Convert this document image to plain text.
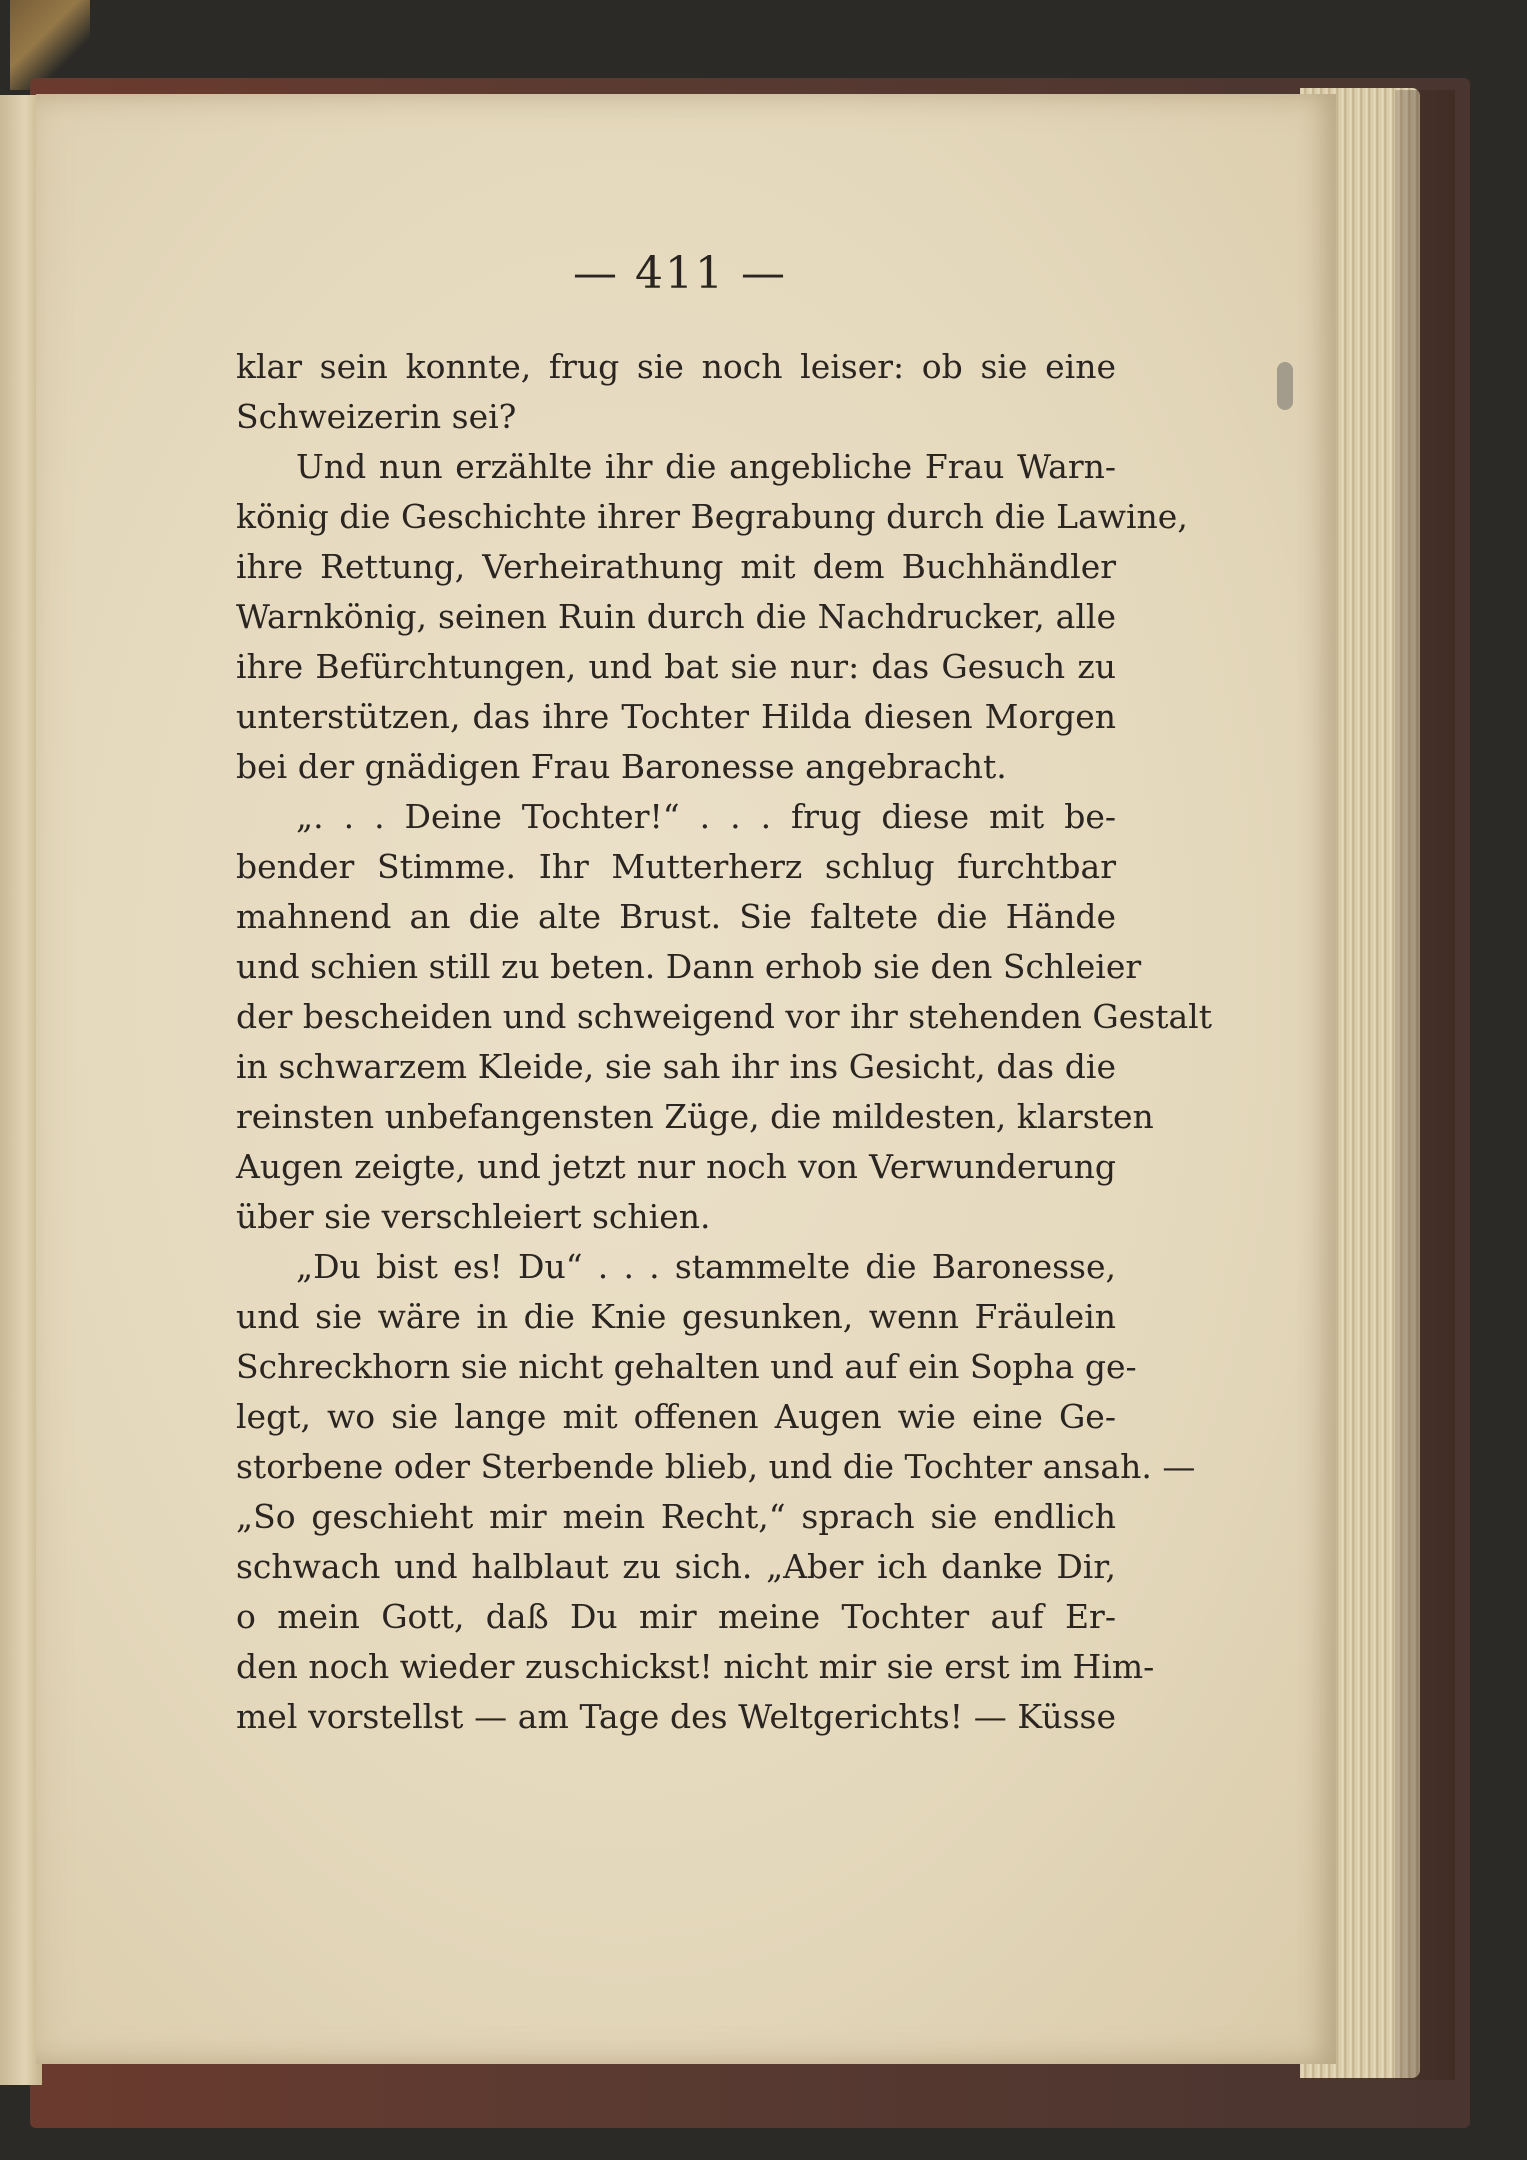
— 411 —
klar sein konnte, frug sie noch leiser: ob sie eine
Schweizerin sei?
Und nun erzählte ihr die angebliche Frau Warn-
könig die Geschichte ihrer Begrabung durch die Lawine,
ihre Rettung, Verheirathung mit dem Buchhändler
Warnkönig, seinen Ruin durch die Nachdrucker, alle
ihre Befürchtungen, und bat sie nur: das Gesuch zu
unterstützen, das ihre Tochter Hilda diesen Morgen
bei der gnädigen Frau Baronesse angebracht.
„. . . Deine Tochter!“ . . . frug diese mit be-
bender Stimme. Ihr Mutterherz schlug furchtbar
mahnend an die alte Brust. Sie faltete die Hände
und schien still zu beten. Dann erhob sie den Schleier
der bescheiden und schweigend vor ihr stehenden Gestalt
in schwarzem Kleide, sie sah ihr ins Gesicht, das die
reinsten unbefangensten Züge, die mildesten, klarsten
Augen zeigte, und jetzt nur noch von Verwunderung
über sie verschleiert schien.
„Du bist es! Du“ . . . stammelte die Baronesse,
und sie wäre in die Knie gesunken, wenn Fräulein
Schreckhorn sie nicht gehalten und auf ein Sopha ge-
legt, wo sie lange mit offenen Augen wie eine Ge-
storbene oder Sterbende blieb, und die Tochter ansah. —
„So geschieht mir mein Recht,“ sprach sie endlich
schwach und halblaut zu sich. „Aber ich danke Dir,
o mein Gott, daß Du mir meine Tochter auf Er-
den noch wieder zuschickst! nicht mir sie erst im Him-
mel vorstellst — am Tage des Weltgerichts! — Küsse
